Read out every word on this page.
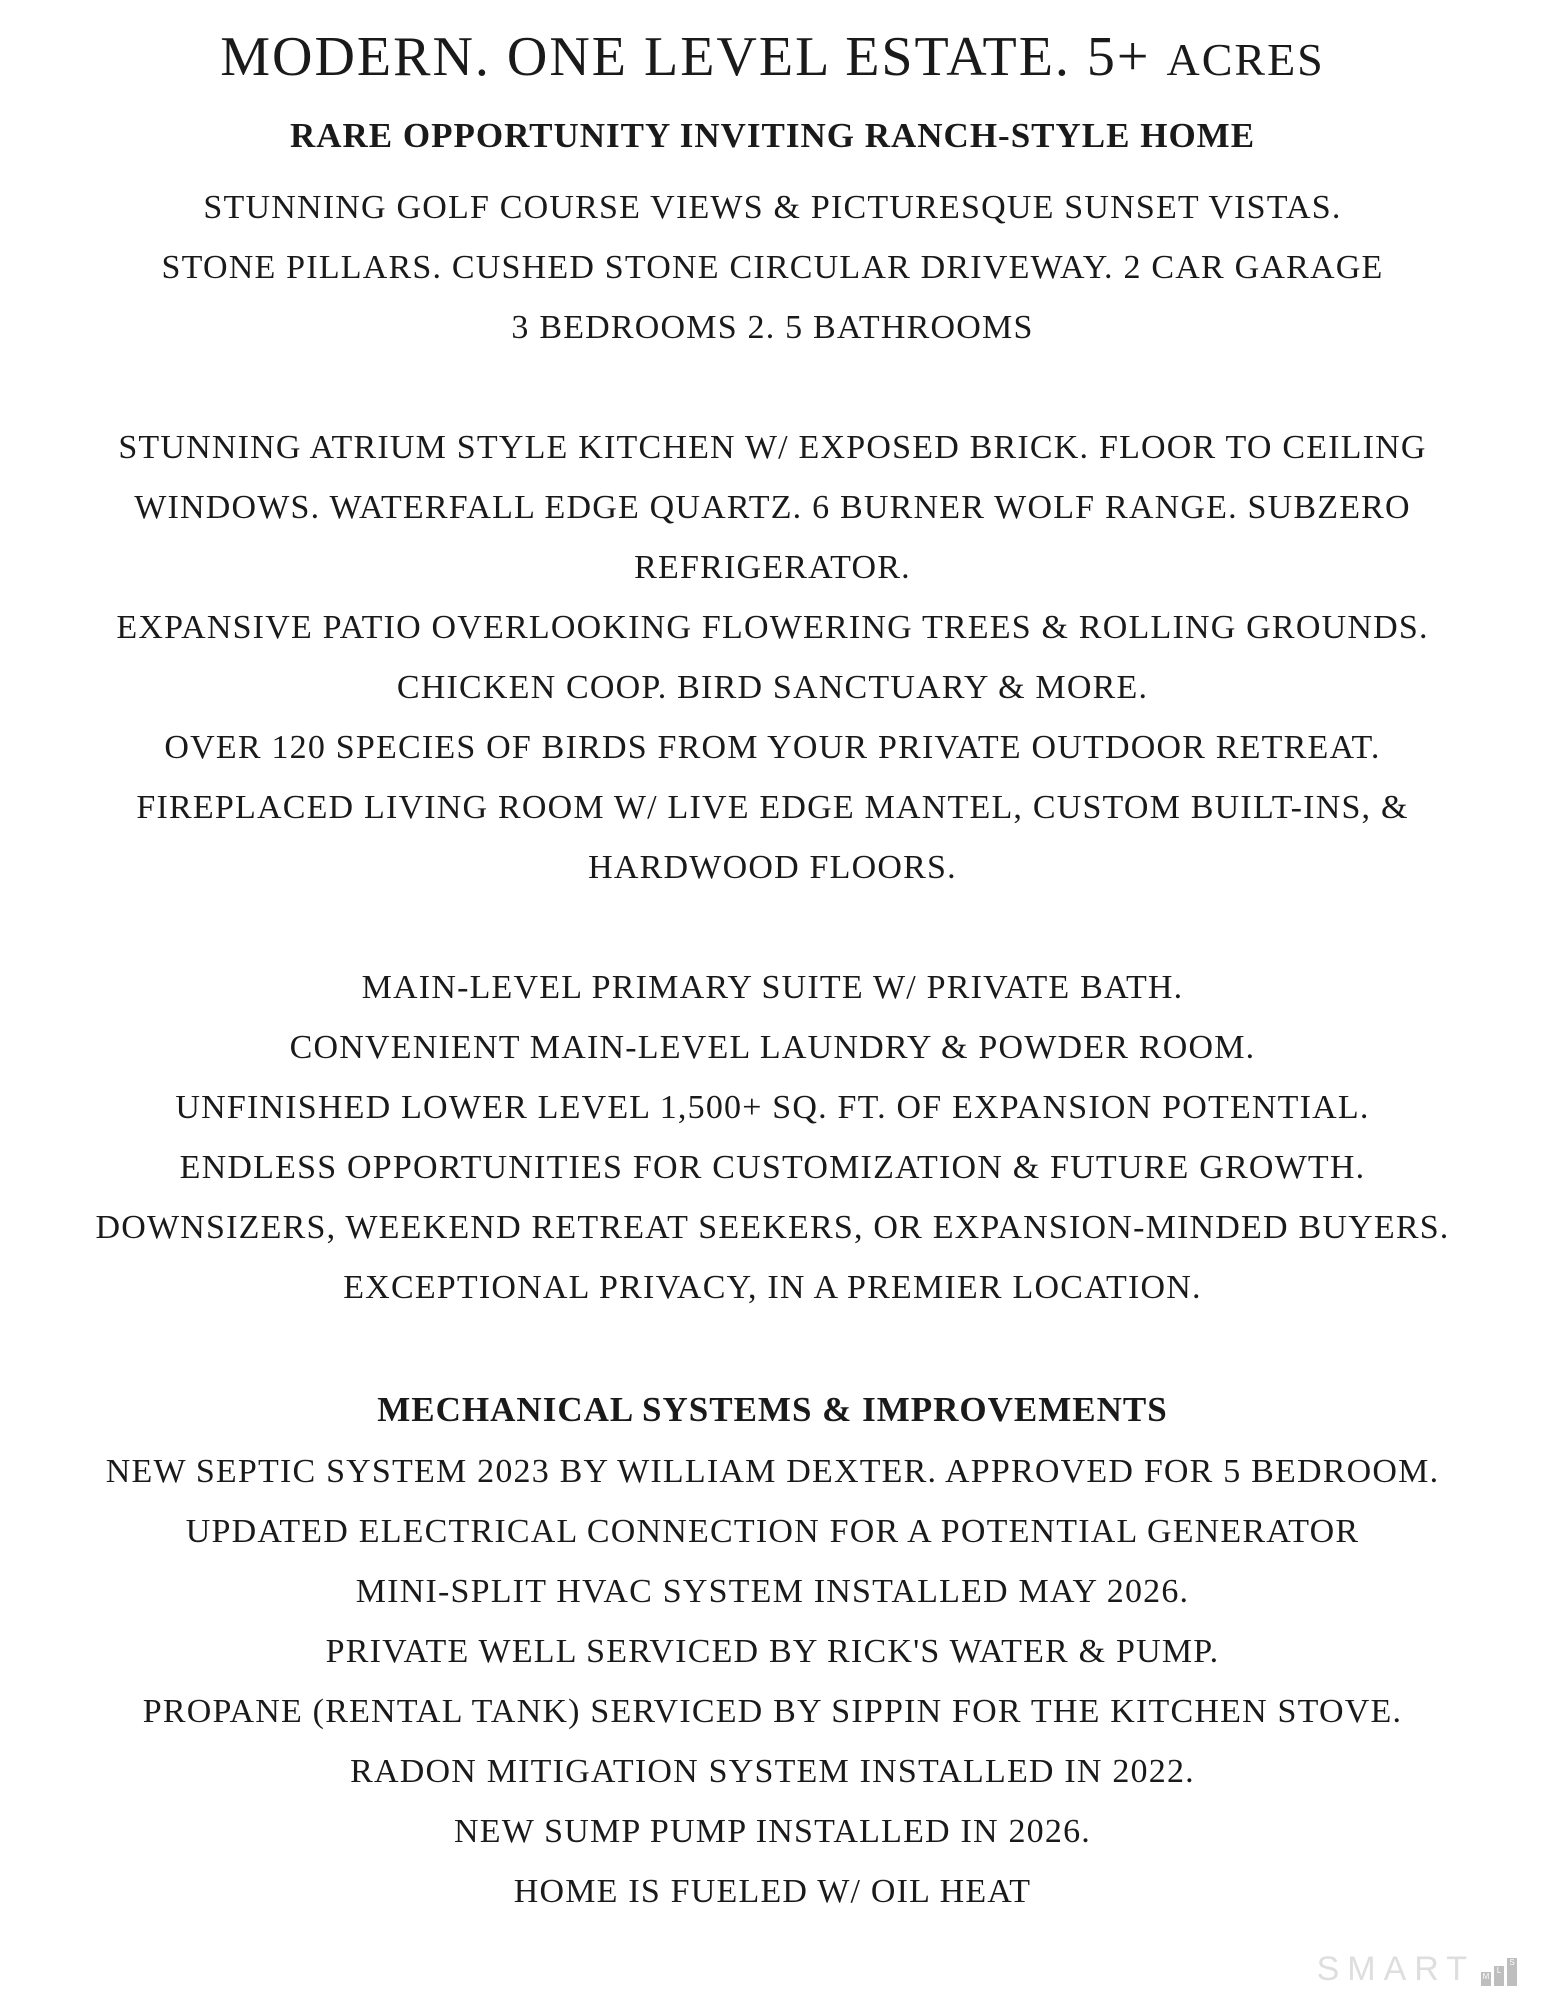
MODERN. ONE LEVEL ESTATE. 5+ ACRES
RARE OPPORTUNITY INVITING RANCH-STYLE HOME

STUNNING GOLF COURSE VIEWS & PICTURESQUE SUNSET VISTAS.

STONE PILLARS. CUSHED STONE CIRCULAR DRIVEWAY. 2 CAR GARAGE

3 BEDROOMS 2. 5 BATHROOMS

STUNNING ATRIUM STYLE KITCHEN W/ EXPOSED BRICK. FLOOR TO CEILING

WINDOWS. WATERFALL EDGE QUARTZ. 6 BURNER WOLF RANGE. SUBZERO

REFRIGERATOR.

EXPANSIVE PATIO OVERLOOKING FLOWERING TREES & ROLLING GROUNDS.

CHICKEN COOP. BIRD SANCTUARY & MORE.

OVER 120 SPECIES OF BIRDS FROM YOUR PRIVATE OUTDOOR RETREAT.

FIREPLACED LIVING ROOM W/ LIVE EDGE MANTEL, CUSTOM BUILT-INS, &

HARDWOOD FLOORS.

MAIN-LEVEL PRIMARY SUITE W/ PRIVATE BATH.

CONVENIENT MAIN-LEVEL LAUNDRY & POWDER ROOM.

UNFINISHED LOWER LEVEL 1,500+ SQ. FT. OF EXPANSION POTENTIAL.

ENDLESS OPPORTUNITIES FOR CUSTOMIZATION & FUTURE GROWTH.

DOWNSIZERS, WEEKEND RETREAT SEEKERS, OR EXPANSION-MINDED BUYERS.

EXCEPTIONAL PRIVACY, IN A PREMIER LOCATION.

MECHANICAL SYSTEMS & IMPROVEMENTS

NEW SEPTIC SYSTEM 2023 BY WILLIAM DEXTER. APPROVED FOR 5 BEDROOM.

UPDATED ELECTRICAL CONNECTION FOR A POTENTIAL GENERATOR

MINI-SPLIT HVAC SYSTEM INSTALLED MAY 2026.

PRIVATE WELL SERVICED BY RICK'S WATER & PUMP.

PROPANE (RENTAL TANK) SERVICED BY SIPPIN FOR THE KITCHEN STOVE.

RADON MITIGATION SYSTEM INSTALLED IN 2022.

NEW SUMP PUMP INSTALLED IN 2026.

HOME IS FUELED W/ OIL HEAT

SMART M
L
S
